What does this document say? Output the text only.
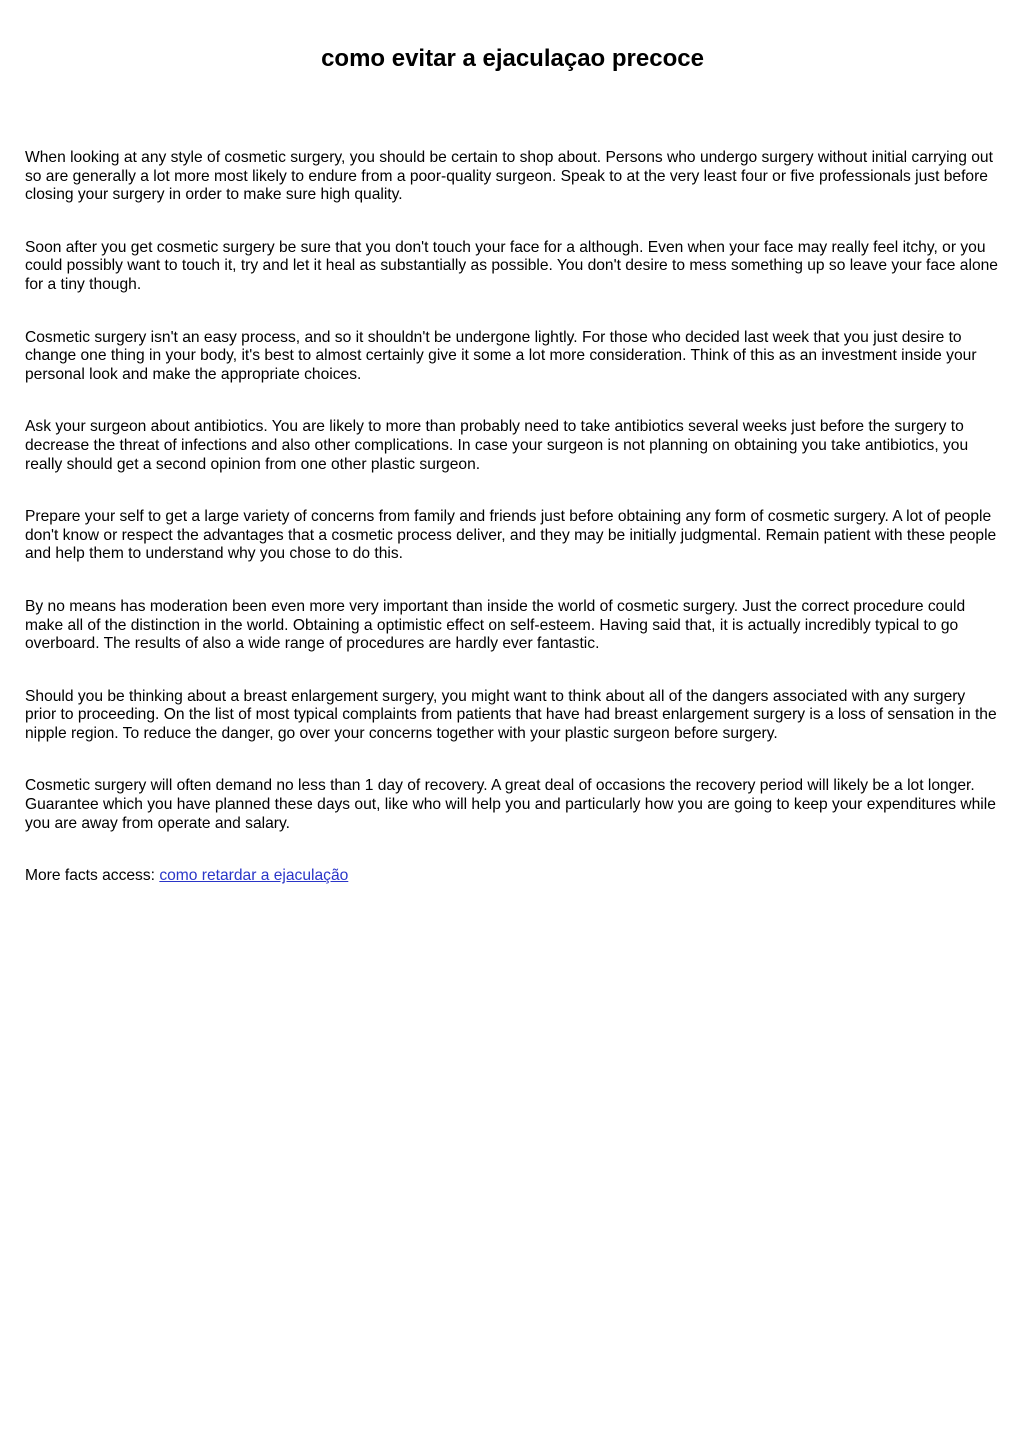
como evitar a ejaculaçao precoce

When looking at any style of cosmetic surgery, you should be certain to shop about. Persons who undergo surgery without initial carrying out so are generally a lot more most likely to endure from a poor-quality surgeon. Speak to at the very least four or five professionals just before closing your surgery in order to make sure high quality.

Soon after you get cosmetic surgery be sure that you don't touch your face for a although. Even when your face may really feel itchy, or you could possibly want to touch it, try and let it heal as substantially as possible. You don't desire to mess something up so leave your face alone for a tiny though.

Cosmetic surgery isn't an easy process, and so it shouldn't be undergone lightly. For those who decided last week that you just desire to change one thing in your body, it's best to almost certainly give it some a lot more consideration. Think of this as an investment inside your personal look and make the appropriate choices.

Ask your surgeon about antibiotics. You are likely to more than probably need to take antibiotics several weeks just before the surgery to decrease the threat of infections and also other complications. In case your surgeon is not planning on obtaining you take antibiotics, you really should get a second opinion from one other plastic surgeon.

Prepare your self to get a large variety of concerns from family and friends just before obtaining any form of cosmetic surgery. A lot of people don't know or respect the advantages that a cosmetic process deliver, and they may be initially judgmental. Remain patient with these people and help them to understand why you chose to do this.

By no means has moderation been even more very important than inside the world of cosmetic surgery. Just the correct procedure could make all of the distinction in the world. Obtaining a optimistic effect on self-esteem. Having said that, it is actually incredibly typical to go overboard. The results of also a wide range of procedures are hardly ever fantastic.

Should you be thinking about a breast enlargement surgery, you might want to think about all of the dangers associated with any surgery prior to proceeding. On the list of most typical complaints from patients that have had breast enlargement surgery is a loss of sensation in the nipple region. To reduce the danger, go over your concerns together with your plastic surgeon before surgery.

Cosmetic surgery will often demand no less than 1 day of recovery. A great deal of occasions the recovery period will likely be a lot longer. Guarantee which you have planned these days out, like who will help you and particularly how you are going to keep your expenditures while you are away from operate and salary.

More facts access: como retardar a ejaculação
